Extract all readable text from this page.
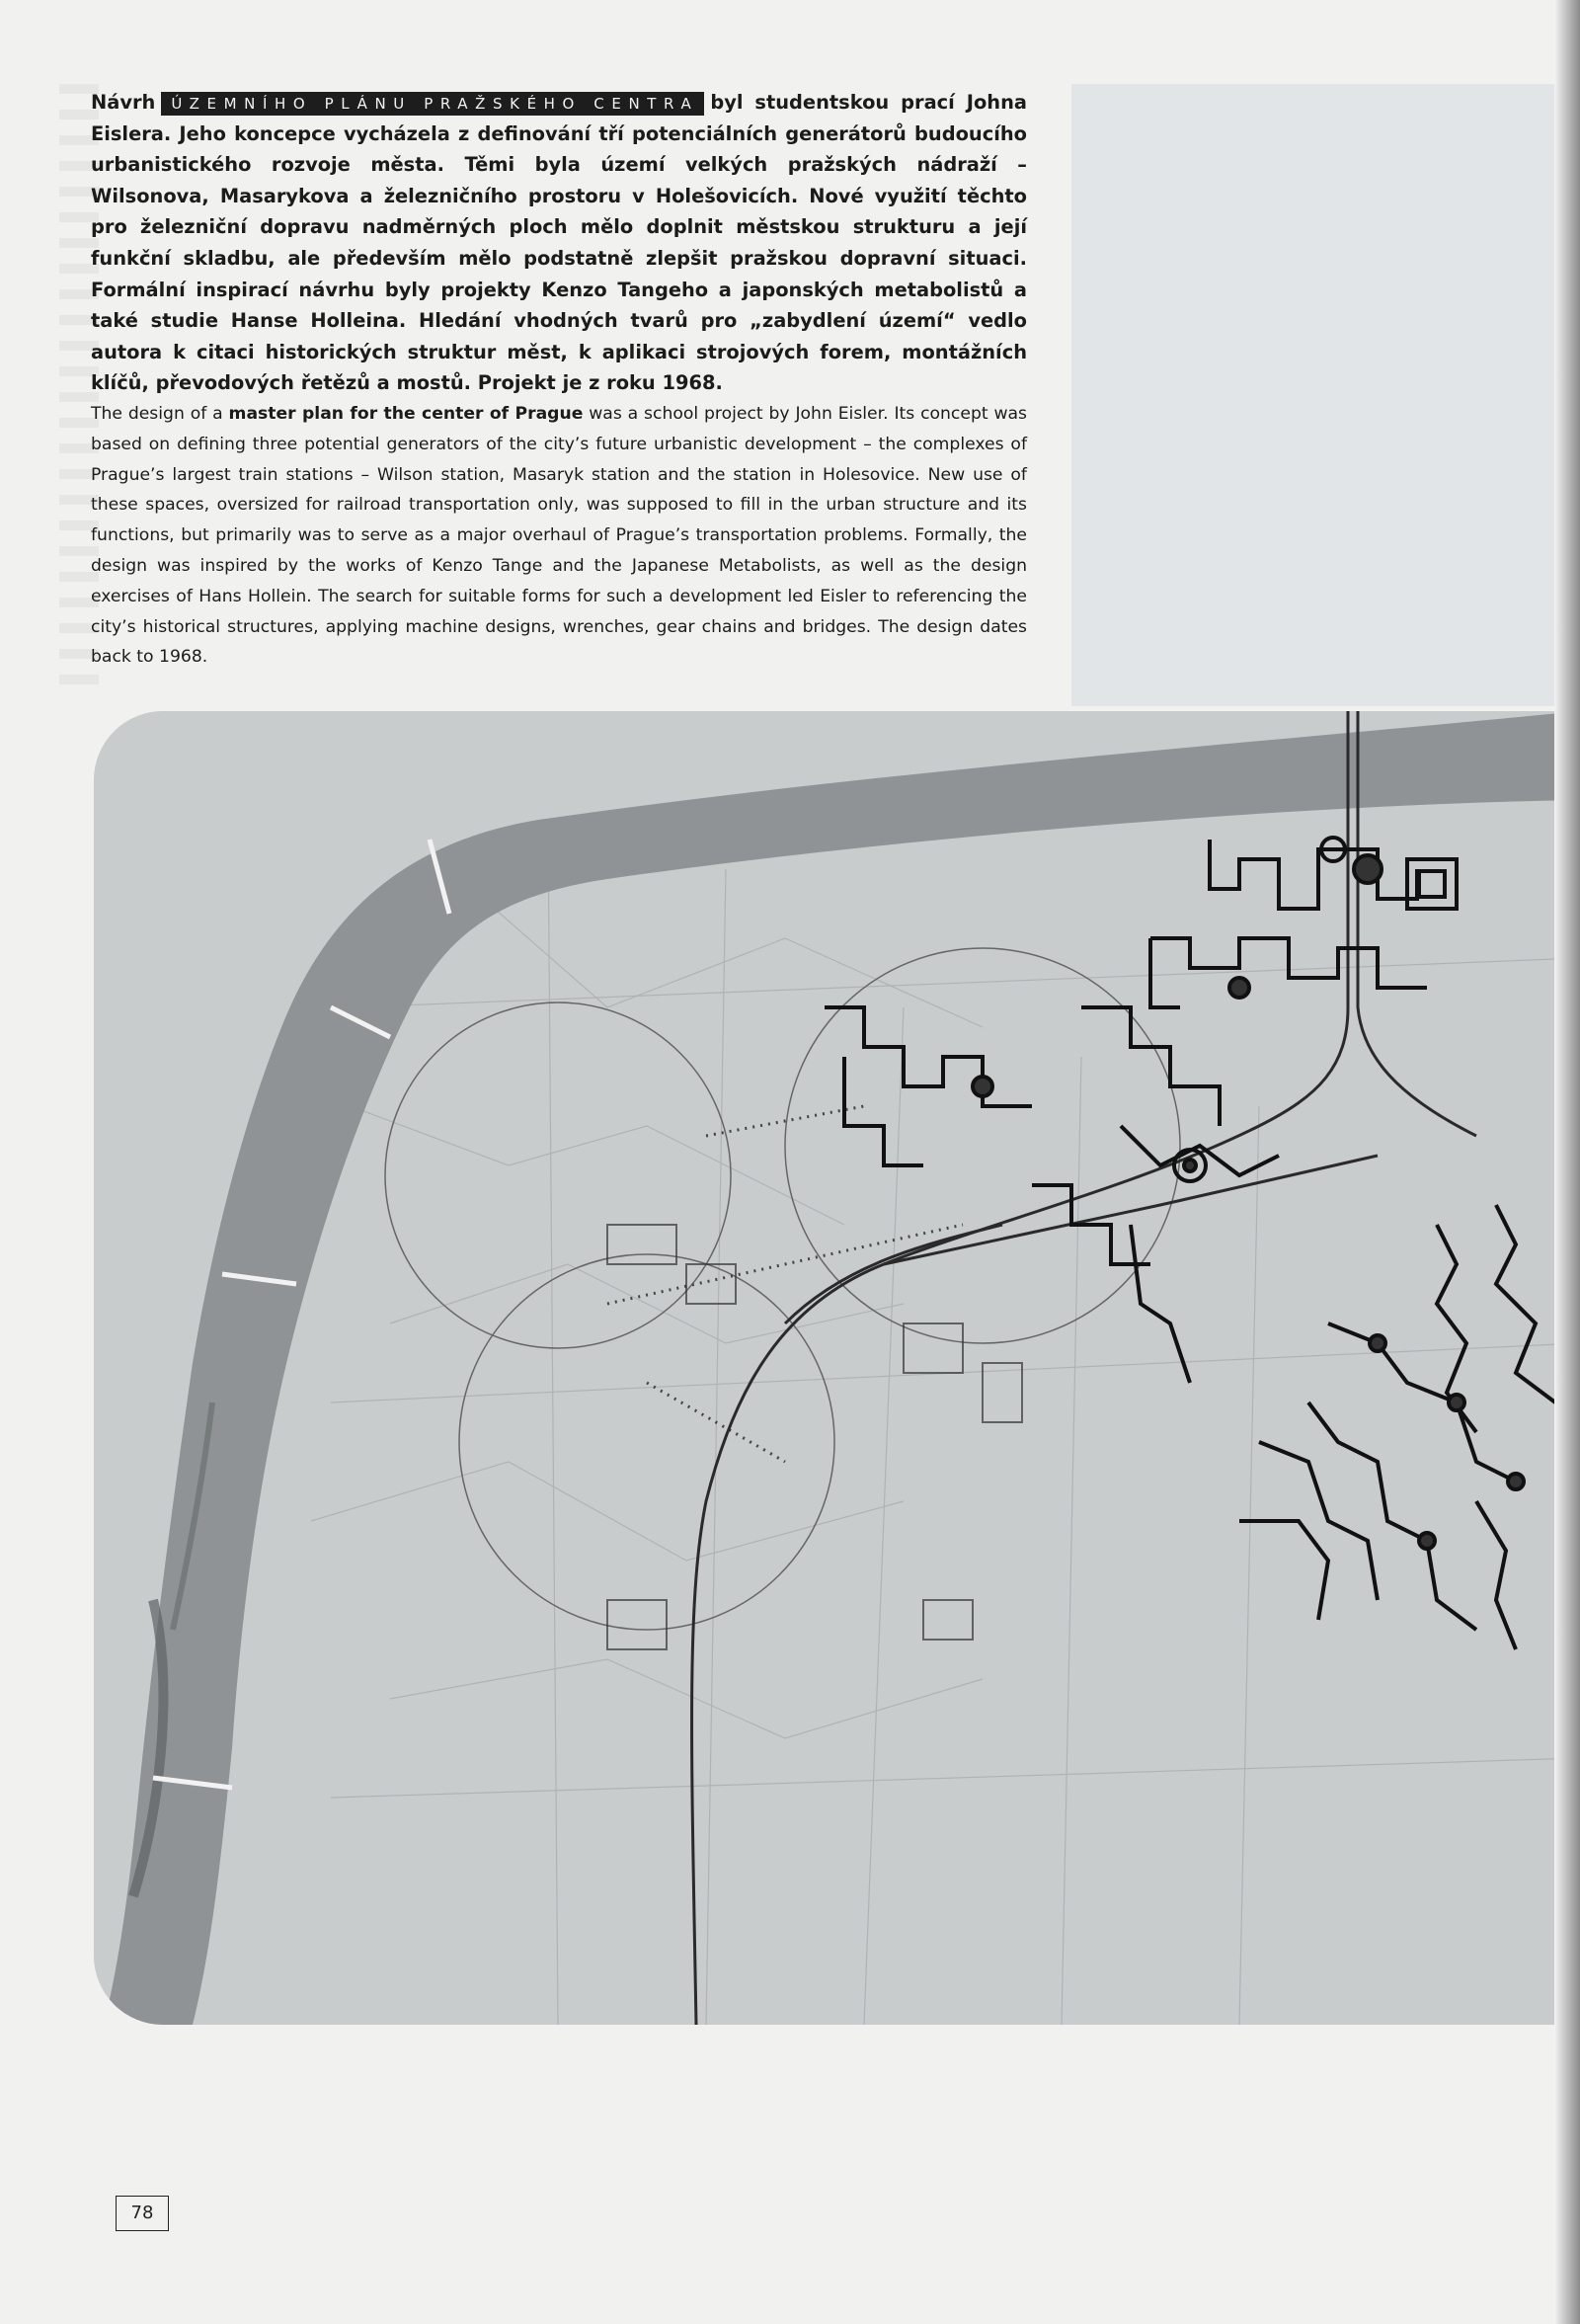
Návrh ÚZEMNÍHO PLÁNU PRAŽSKÉHO CENTRA byl studentskou prací Johna Eislera. Jeho koncepce vycházela z definování tří potenciálních generátorů budoucího urbanistického rozvoje města. Těmi byla území velkých pražských nádraží – Wilsonova, Masarykova a železničního prostoru v Holešovicích. Nové využití těchto pro železniční dopravu nadměrných ploch mělo doplnit městskou strukturu a její funkční skladbu, ale především mělo podstatně zlepšit pražskou dopravní situaci. Formální inspirací návrhu byly projekty Kenzo Tangeho a japonských metabolistů a také studie Hanse Holleina. Hledání vhodných tvarů pro „zabydlení území“ vedlo autora k citaci historických struktur měst, k aplikaci strojových forem, montážních klíčů, převodových řetězů a mostů. Projekt je z roku 1968.

The design of a master plan for the center of Prague was a school project by John Eisler. Its concept was based on defining three potential generators of the city’s future urbanistic development – the complexes of Prague’s largest train stations – Wilson station, Masaryk station and the station in Holesovice. New use of these spaces, oversized for railroad transportation only, was supposed to fill in the urban structure and its functions, but primarily was to serve as a major overhaul of Prague’s transportation problems. Formally, the design was inspired by the works of Kenzo Tange and the Japanese Metabolists, as well as the design exercises of Hans Hollein. The search for suitable forms for such a development led Eisler to referencing the city’s historical structures, applying machine designs, wrenches, gear chains and bridges. The design dates back to 1968.

78
